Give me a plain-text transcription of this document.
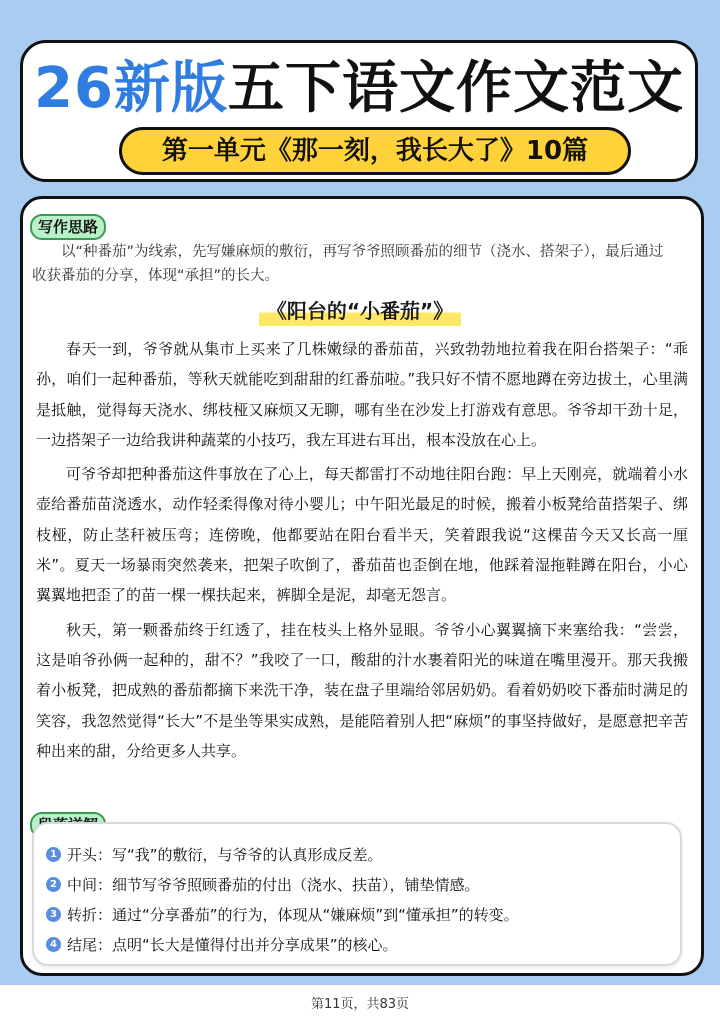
26新版五下语文作文范文
第一单元《那一刻，我长大了》10篇
写作思路
以“种番茄”为线索，先写嫌麻烦的敷衍，再写爷爷照顾番茄的细节（浇水、搭架子），最后通过收获番茄的分享，体现“承担”的长大。
《阳台的“小番茄”》

春天一到，爷爷就从集市上买来了几株嫩绿的番茄苗，兴致勃勃地拉着我在阳台搭架子：“乖孙，咱们一起种番茄，等秋天就能吃到甜甜的红番茄啦。”我只好不情不愿地蹲在旁边拔土，心里满是抵触，觉得每天浇水、绑枝桠又麻烦又无聊，哪有坐在沙发上打游戏有意思。爷爷却干劲十足，一边搭架子一边给我讲种蔬菜的小技巧，我左耳进右耳出，根本没放在心上。

可爷爷却把种番茄这件事放在了心上，每天都雷打不动地往阳台跑：早上天刚亮，就端着小水壶给番茄苗浇透水，动作轻柔得像对待小婴儿；中午阳光最足的时候，搬着小板凳给苗搭架子、绑枝桠，防止茎秆被压弯；连傍晚，他都要站在阳台看半天，笑着跟我说“这棵苗今天又长高一厘米”。夏天一场暴雨突然袭来，把架子吹倒了，番茄苗也歪倒在地，他踩着湿拖鞋蹲在阳台，小心翼翼地把歪了的苗一棵一棵扶起来，裤脚全是泥，却毫无怨言。

秋天，第一颗番茄终于红透了，挂在枝头上格外显眼。爷爷小心翼翼摘下来塞给我：“尝尝，这是咱爷孙俩一起种的，甜不？”我咬了一口，酸甜的汁水裹着阳光的味道在嘴里漫开。那天我搬着小板凳，把成熟的番茄都摘下来洗干净，装在盘子里端给邻居奶奶。看着奶奶咬下番茄时满足的笑容，我忽然觉得“长大”不是坐等果实成熟，是能陪着别人把“麻烦”的事坚持做好，是愿意把辛苦种出来的甜，分给更多人共享。

1 开头：写“我”的敷衍，与爷爷的认真形成反差。
2 中间：细节写爷爷照顾番茄的付出（浇水、扶苗），铺垫情感。
3 转折：通过“分享番茄”的行为，体现从“嫌麻烦”到“懂承担”的转变。
4 结尾：点明“长大是懂得付出并分享成果”的核心。
第11页，共83页
